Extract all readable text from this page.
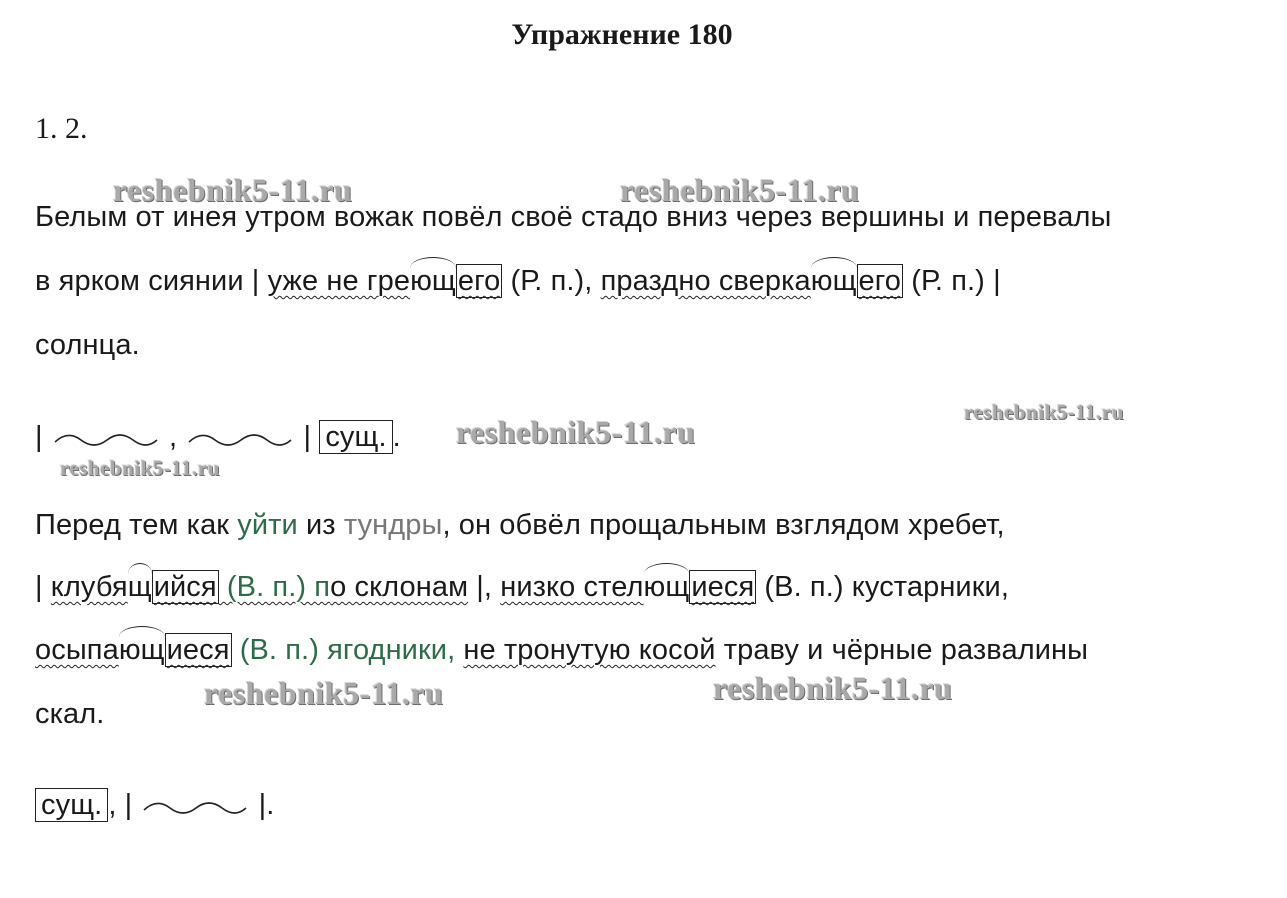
Упражнение 180
1. 2.
reshebnik5-11.ru	reshebnik5-11.ru
reshebnik5-11.ru
reshebnik5-11.ru
reshebnik5-11.ru
reshebnik5-11.ru	reshebnik5-11.ru
Белым от инея утром вожак повёл своё стадо вниз через вершины и перевалы
в ярком сиянии | уже не греющего (Р. п.), праздно сверкающего (Р. п.) |
солнца.
|	,	| сущ. .
Перед тем как уйти из тундры, он обвёл прощальным взглядом хребет,
| клубящийся (В. п.) по склонам |, низко стелющиеся (В. п.) кустарники,
осыпающиеся (В. п.) ягодники, не тронутую косой траву и чёрные развалины
скал.
сущ. , |	|.
